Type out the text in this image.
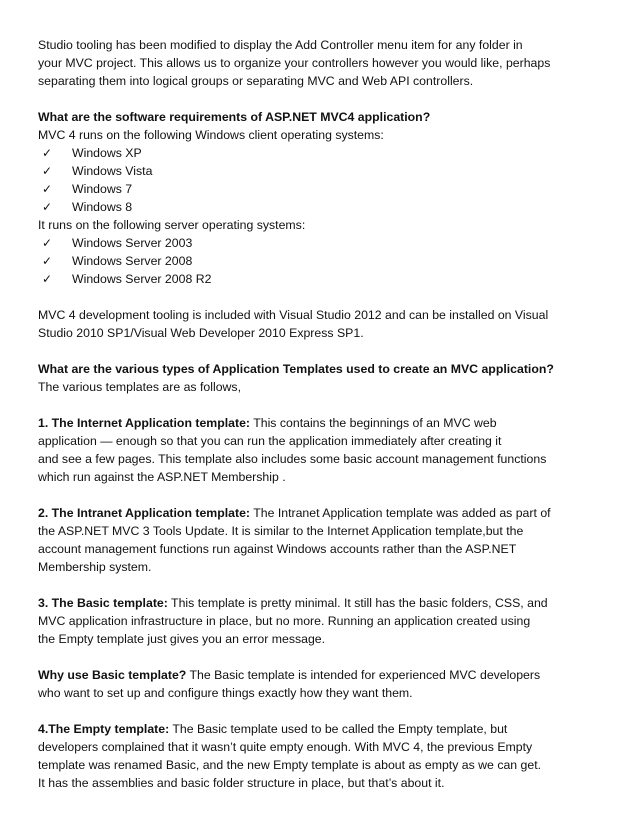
Studio tooling has been modified to display the Add Controller menu item for any folder in
your MVC project. This allows us to organize your controllers however you would like, perhaps
separating them into logical groups or separating MVC and Web API controllers.

What are the software requirements of ASP.NET MVC4 application?

MVC 4 runs on the following Windows client operating systems:

✓	Windows XP
✓	Windows Vista
✓	Windows 7
✓	Windows 8

It runs on the following server operating systems:

✓	Windows Server 2003
✓	Windows Server 2008
✓	Windows Server 2008 R2

MVC 4 development tooling is included with Visual Studio 2012 and can be installed on Visual
Studio 2010 SP1/Visual Web Developer 2010 Express SP1.

What are the various types of Application Templates used to create an MVC application?

The various templates are as follows,

1. The Internet Application template: This contains the beginnings of an MVC web
application — enough so that you can run the application immediately after creating it
and see a few pages. This template also includes some basic account management functions
which run against the ASP.NET Membership .

2. The Intranet Application template: The Intranet Application template was added as part of
the ASP.NET MVC 3 Tools Update. It is similar to the Internet Application template,but the
account management functions run against Windows accounts rather than the ASP.NET
Membership system.

3. The Basic template: This template is pretty minimal. It still has the basic folders, CSS, and
MVC application infrastructure in place, but no more. Running an application created using
the Empty template just gives you an error message.

Why use Basic template? The Basic template is intended for experienced MVC developers
who want to set up and configure things exactly how they want them.

4.The Empty template: The Basic template used to be called the Empty template, but
developers complained that it wasn’t quite empty enough. With MVC 4, the previous Empty
template was renamed Basic, and the new Empty template is about as empty as we can get.
It has the assemblies and basic folder structure in place, but that’s about it.
